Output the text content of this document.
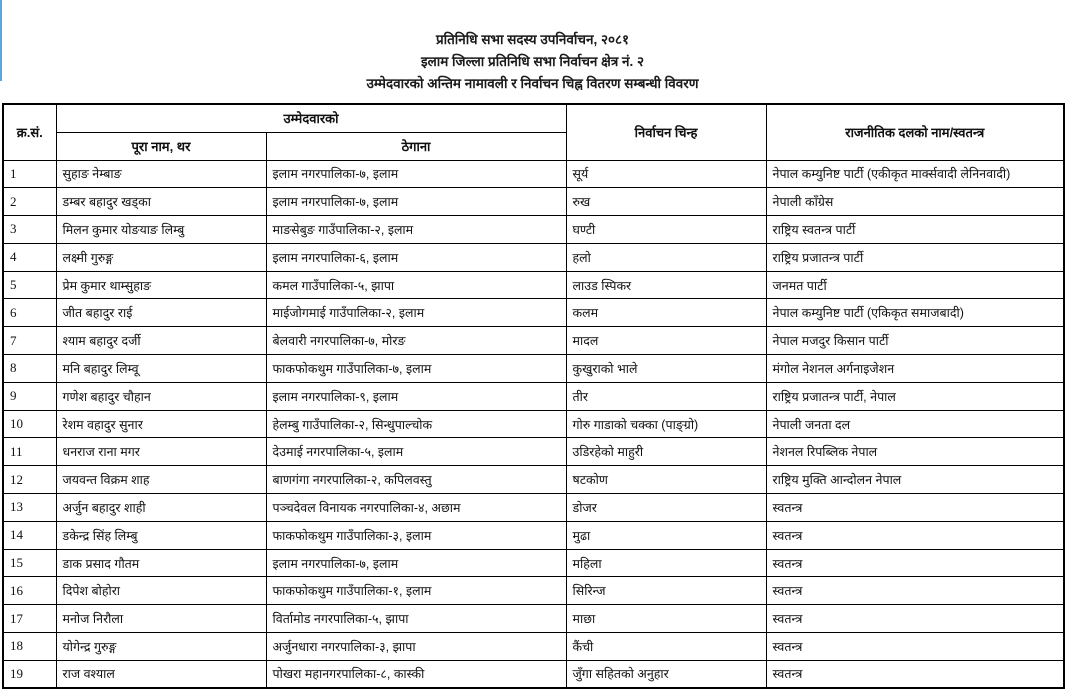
प्रतिनिधि सभा सदस्य उपनिर्वाचन, २०८१
इलाम जिल्ला प्रतिनिधि सभा निर्वाचन क्षेत्र नं. २
उम्मेदवारको अन्तिम नामावली र निर्वाचन चिह्न वितरण सम्बन्धी विवरण
क्र.सं.	उम्मेदवारको		निर्वाचन चिन्ह	राजनीतिक दलको नाम/स्वतन्त्र
	पूरा नाम, थर	ठेगाना		
1	सुहाङ नेम्बाङ	इलाम नगरपालिका-७, इलाम	सूर्य	नेपाल कम्युनिष्ट पार्टी (एकीकृत मार्क्सवादी लेनिनवादी)
2	डम्बर बहादुर खड्का	इलाम नगरपालिका-७, इलाम	रुख	नेपाली काँग्रेस
3	मिलन कुमार योङयाङ लिम्बु	माङसेबुङ गाउँपालिका-२, इलाम	घण्टी	राष्ट्रिय स्वतन्त्र पार्टी
4	लक्ष्मी गुरुङ्ग	इलाम नगरपालिका-६, इलाम	हलो	राष्ट्रिय प्रजातन्त्र पार्टी
5	प्रेम कुमार थाम्सुहाङ	कमल गाउँपालिका-५, झापा	लाउड स्पिकर	जनमत पार्टी
6	जीत बहादुर राई	माईजोगमाई गाउँपालिका-२, इलाम	कलम	नेपाल कम्युनिष्ट पार्टी (एकिकृत समाजबादी)
7	श्याम बहादुर दर्जी	बेलवारी नगरपालिका-७, मोरङ	मादल	नेपाल मजदुर किसान पार्टी
8	मनि बहादुर लिम्वू	फाकफोकथुम गाउँपालिका-७, इलाम	कुखुराको भाले	मंगोल नेशनल अर्गनाइजेशन
9	गणेश बहादुर चौहान	इलाम नगरपालिका-९, इलाम	तीर	राष्ट्रिय प्रजातन्त्र पार्टी, नेपाल
10	रेशम वहादुर सुनार	हेलम्बु गाउँपालिका-२, सिन्धुपाल्चोक	गोरु गाडाको चक्का (पाङ्ग्रो)	नेपाली जनता दल
11	धनराज राना मगर	देउमाई नगरपालिका-५, इलाम	उडिरहेको माहुरी	नेशनल रिपब्लिक नेपाल
12	जयवन्त विक्रम शाह	बाणगंगा नगरपालिका-२, कपिलवस्तु	षटकोण	राष्ट्रिय मुक्ति आन्दोलन नेपाल
13	अर्जुन बहादुर शाही	पञ्चदेवल विनायक नगरपालिका-४, अछाम	डोजर	स्वतन्त्र
14	डकेन्द्र सिंह लिम्बु	फाकफोकथुम गाउँपालिका-३, इलाम	मुढा	स्वतन्त्र
15	डाक प्रसाद गौतम	इलाम नगरपालिका-७, इलाम	महिला	स्वतन्त्र
16	दिपेश बोहोरा	फाकफोकथुम गाउँपालिका-१, इलाम	सिरिन्ज	स्वतन्त्र
17	मनोज निरौला	विर्तामोड नगरपालिका-५, झापा	माछा	स्वतन्त्र
18	योगेन्द्र गुरुङ्ग	अर्जुनधारा नगरपालिका-३, झापा	कैंची	स्वतन्त्र
19	राज वश्याल	पोखरा महानगरपालिका-८, कास्की	जुँगा सहितको अनुहार	स्वतन्त्र
